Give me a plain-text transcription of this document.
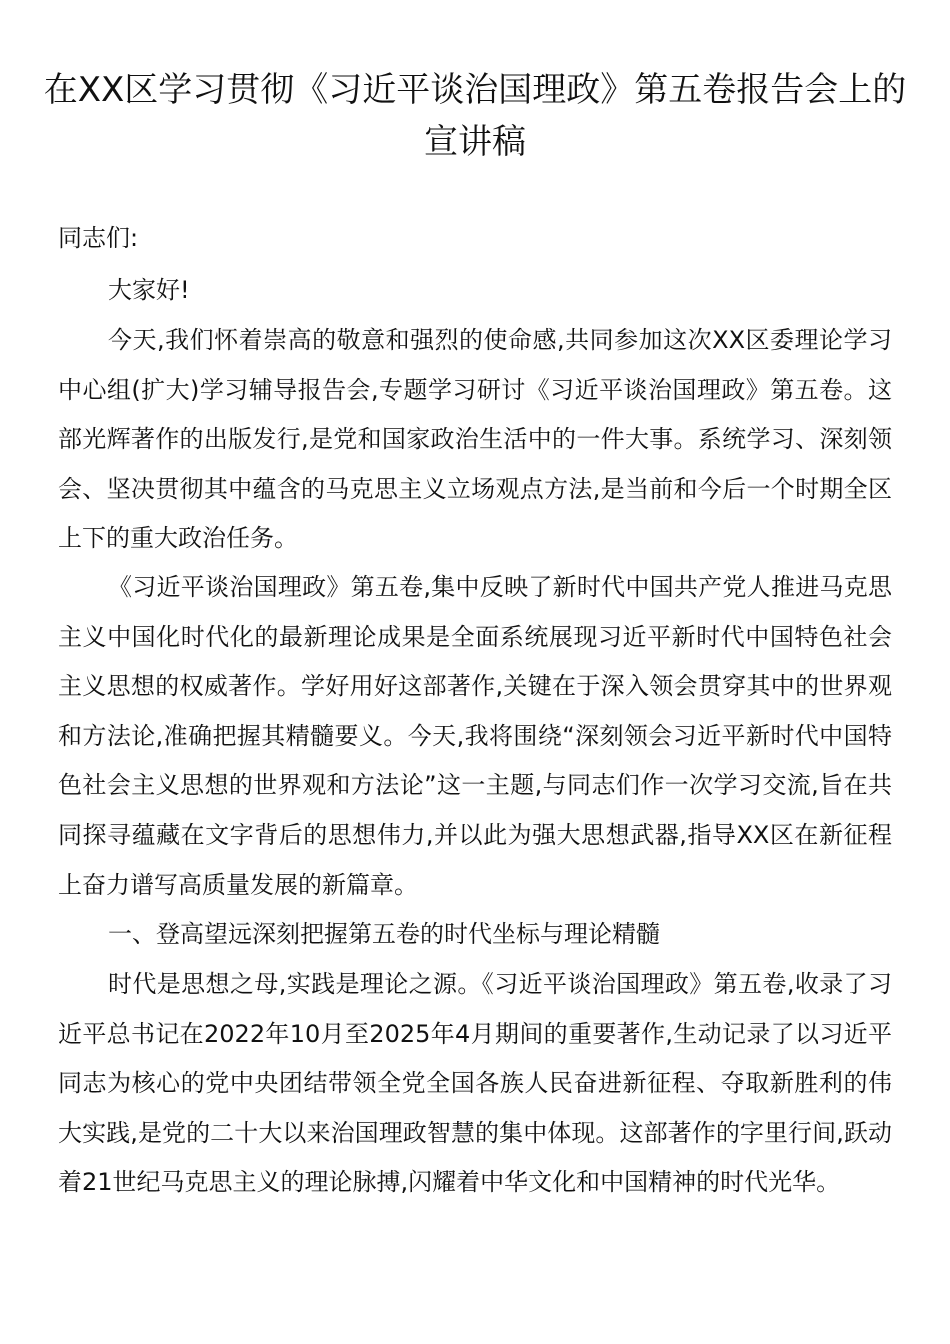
在XX区学习贯彻《习近平谈治国理政》第五卷报告会上的宣讲稿

同志们:

大家好!

今天,我们怀着崇高的敬意和强烈的使命感,共同参加这次XX区委理论学习中心组(扩大)学习辅导报告会,专题学习研讨《习近平谈治国理政》第五卷。这部光辉著作的出版发行,是党和国家政治生活中的一件大事。系统学习、深刻领会、坚决贯彻其中蕴含的马克思主义立场观点方法,是当前和今后一个时期全区上下的重大政治任务。

《习近平谈治国理政》第五卷,集中反映了新时代中国共产党人推进马克思主义中国化时代化的最新理论成果是全面系统展现习近平新时代中国特色社会主义思想的权威著作。学好用好这部著作,关键在于深入领会贯穿其中的世界观和方法论,准确把握其精髓要义。今天,我将围绕“深刻领会习近平新时代中国特色社会主义思想的世界观和方法论”这一主题,与同志们作一次学习交流,旨在共同探寻蕴藏在文字背后的思想伟力,并以此为强大思想武器,指导XX区在新征程上奋力谱写高质量发展的新篇章。

一、登高望远深刻把握第五卷的时代坐标与理论精髓

时代是思想之母,实践是理论之源。《习近平谈治国理政》第五卷,收录了习近平总书记在2022年10月至2025年4月期间的重要著作,生动记录了以习近平同志为核心的党中央团结带领全党全国各族人民奋进新征程、夺取新胜利的伟大实践,是党的二十大以来治国理政智慧的集中体现。这部著作的字里行间,跃动着21世纪马克思主义的理论脉搏,闪耀着中华文化和中国精神的时代光华。
